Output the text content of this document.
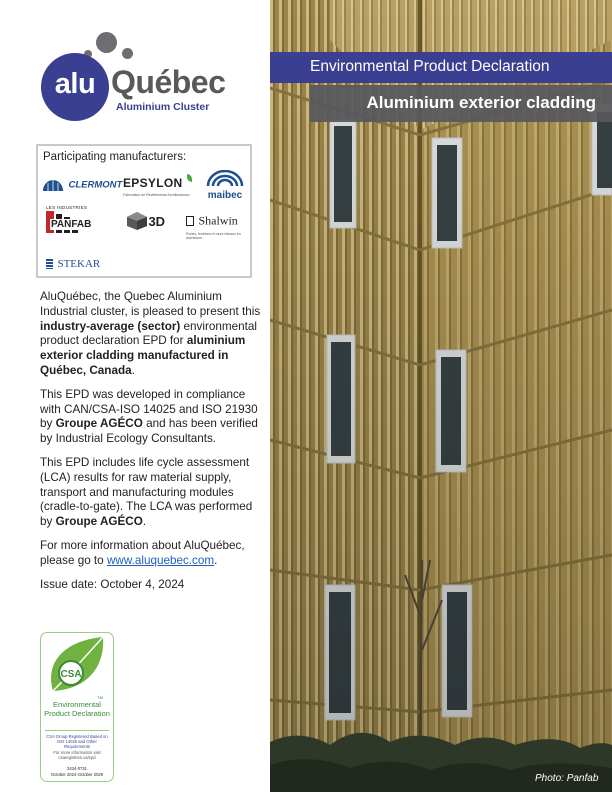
Environmental Product Declaration
Aluminium exterior cladding
Photo: Panfab
alu Québec
Aluminium Cluster
Participating manufacturers:
CLERMONT EPSYLON
Fabrication de Revêtements Architecturaux	maibec
LES INDUSTRIES
PANFAB	3D	Shalwin
Portes, fenêtres et murs rideaux en aluminium
STEKAR

AluQuébec, the Quebec Aluminium Industrial cluster, is pleased to present this industry-average (sector) environmental product declaration EPD for aluminium exterior cladding manufactured in Québec, Canada.

This EPD was developed in compliance with CAN/CSA-ISO 14025 and ISO 21930 by Groupe AGÉCO and has been verified by Industrial Ecology Consultants.

This EPD includes life cycle assessment (LCA) results for raw material supply, transport and manufacturing modules (cradle-to-gate). The LCA was performed by Groupe AGÉCO.

For more information about AluQuébec, please go to www.aluquebec.com.

Issue date: October 4, 2024

CSA
TM
Environmental Product Declaration
CSA Group Registered Based on ISO 14025 and Other Requirements
For more information visit csaregistries.ca/epd
3434-0731
October 2024-October 2029
